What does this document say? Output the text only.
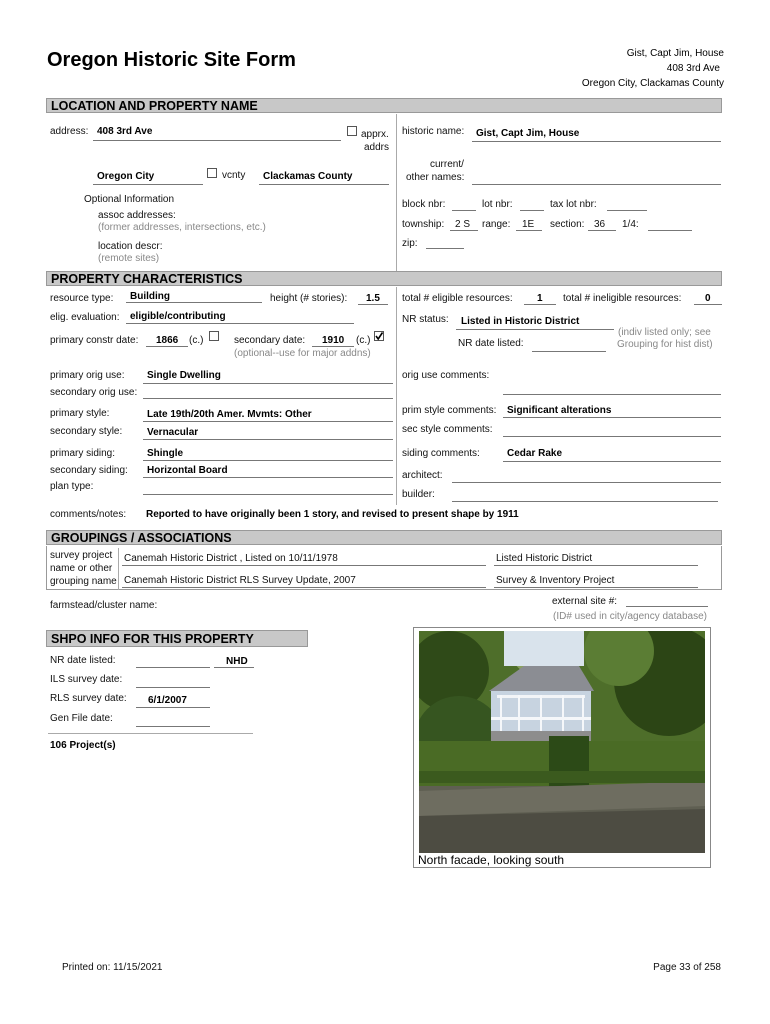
Oregon Historic Site Form	Gist, Capt Jim, House
408 3rd Ave
Oregon City, Clackamas County
LOCATION AND PROPERTY NAME
address: 408 3rd Ave	apprx.
addrs
Oregon City	vcnty Clackamas County
Optional Information
assoc addresses:
(former addresses, intersections, etc.)
location descr:
(remote sites)
historic name: Gist, Capt Jim, House
current/
other names:
block nbr:	lot nbr:	tax lot nbr:
township: 2 S range: 1E section: 36 1/4:
zip:
PROPERTY CHARACTERISTICS
resource type: Building	height (# stories): 1.5 total # eligible resources: 1 total # ineligible resources: 0
elig. evaluation: eligible/contributing	NR status: Listed in Historic District
primary constr date: 1866 (c.)	secondary date: 1910 (c.)
(optional--use for major addns)
NR date listed:
(indiv listed only; see
Grouping for hist dist)
primary orig use: Single Dwelling	orig use comments:
secondary orig use:
primary style:	Late 19th/20th Amer. Mvmts: Other	prim style comments: Significant alterations
secondary style: Vernacular	sec style comments:
primary siding:	Shingle	siding comments:	Cedar Rake
secondary siding: Horizontal Board	architect:
plan type:
builder:
comments/notes: Reported to have originally been 1 story, and revised to present shape by 1911
GROUPINGS / ASSOCIATIONS
survey project
name or other
grouping name
Canemah Historic District , Listed on 10/11/1978	Listed Historic District
Canemah Historic District RLS Survey Update, 2007	Survey & Inventory Project
farmstead/cluster name:	external site #:
(ID# used in city/agency database)
SHPO INFO FOR THIS PROPERTY
NR date listed:	NHD
ILS survey date:
RLS survey date: 6/1/2007
Gen File date:
106 Project(s)
North facade, looking south
Printed on: 11/15/2021	Page 33 of 258
